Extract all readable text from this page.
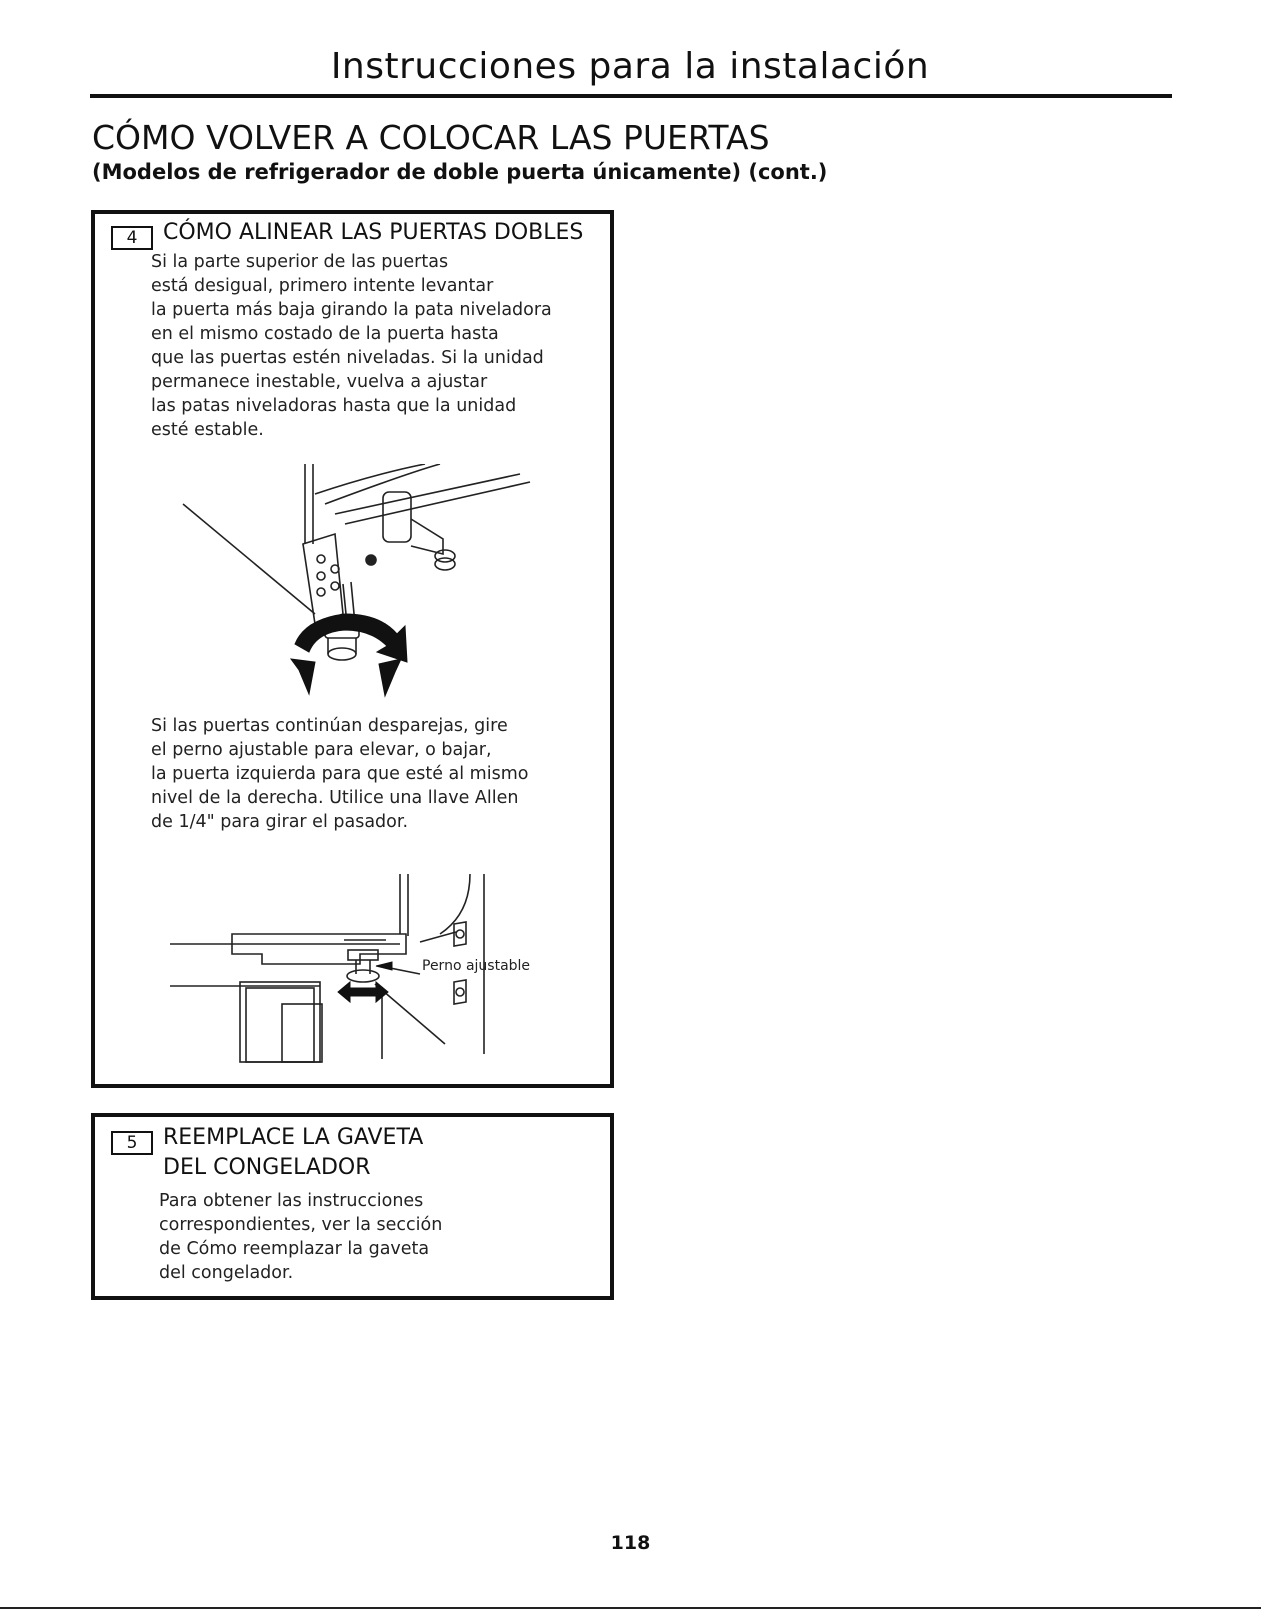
Instrucciones para la instalación
CÓMO VOLVER A COLOCAR LAS PUERTAS
(Modelos de refrigerador de doble puerta únicamente) (cont.)
4	CÓMO ALINEAR LAS PUERTAS DOBLES
Si la parte superior de las puertas
está desigual, primero intente levantar
la puerta más baja girando la pata niveladora
en el mismo costado de la puerta hasta
que las puertas estén niveladas. Si la unidad
permanece inestable, vuelva a ajustar
las patas niveladoras hasta que la unidad
esté estable.
Si las puertas continúan desparejas, gire
el perno ajustable para elevar, o bajar,
la puerta izquierda para que esté al mismo
nivel de la derecha. Utilice una llave Allen
de 1/4" para girar el pasador.
Perno ajustable
5	REEMPLACE LA GAVETA
DEL CONGELADOR
Para obtener las instrucciones
correspondientes, ver la sección
de Cómo reemplazar la gaveta
del congelador.
118
